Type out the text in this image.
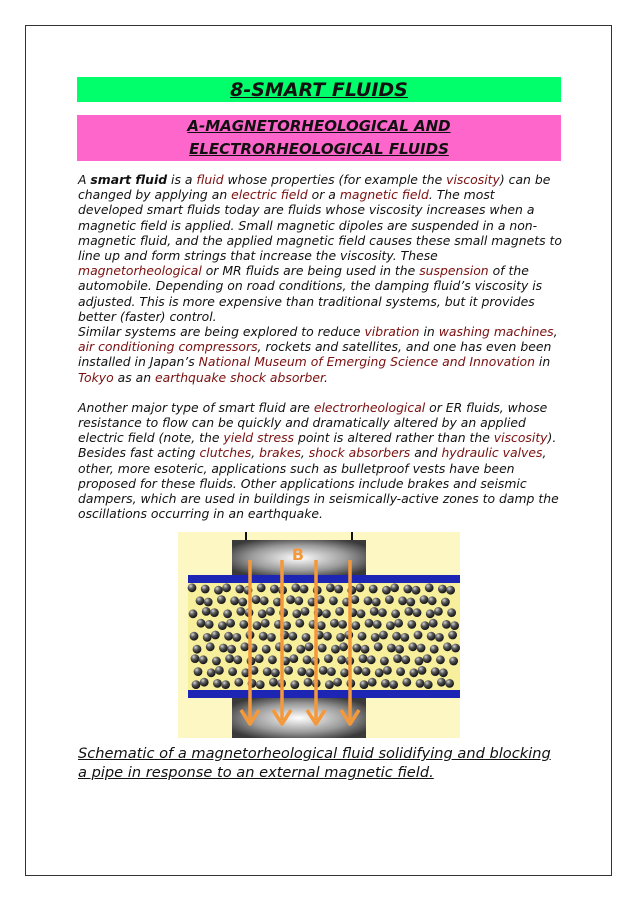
8-SMART FLUIDS
A-MAGNETORHEOLOGICAL AND
ELECTRORHEOLOGICAL FLUIDS

A smart fluid is a fluid whose properties (for example the viscosity) can be changed by applying an electric field or a magnetic field. The most developed smart fluids today are fluids whose viscosity increases when a magnetic field is applied. Small magnetic dipoles are suspended in a non-magnetic fluid, and the applied magnetic field causes these small magnets to line up and form strings that increase the viscosity. These magnetorheological or MR fluids are being used in the suspension of the automobile. Depending on road conditions, the damping fluid’s viscosity is adjusted. This is more expensive than traditional systems, but it provides better (faster) control.

Similar systems are being explored to reduce vibration in washing machines, air conditioning compressors, rockets and satellites, and one has even been installed in Japan’s National Museum of Emerging Science and Innovation in Tokyo as an earthquake shock absorber.

Another major type of smart fluid are electrorheological or ER fluids, whose resistance to flow can be quickly and dramatically altered by an applied electric field (note, the yield stress point is altered rather than the viscosity). Besides fast acting clutches, brakes, shock absorbers and hydraulic valves, other, more esoteric, applications such as bulletproof vests have been proposed for these fluids. Other applications include brakes and seismic dampers, which are used in buildings in seismically-active zones to damp the oscillations occurring in an earthquake.

B
Schematic of a magnetorheological fluid solidifying and blocking a pipe in response to an external magnetic field.
